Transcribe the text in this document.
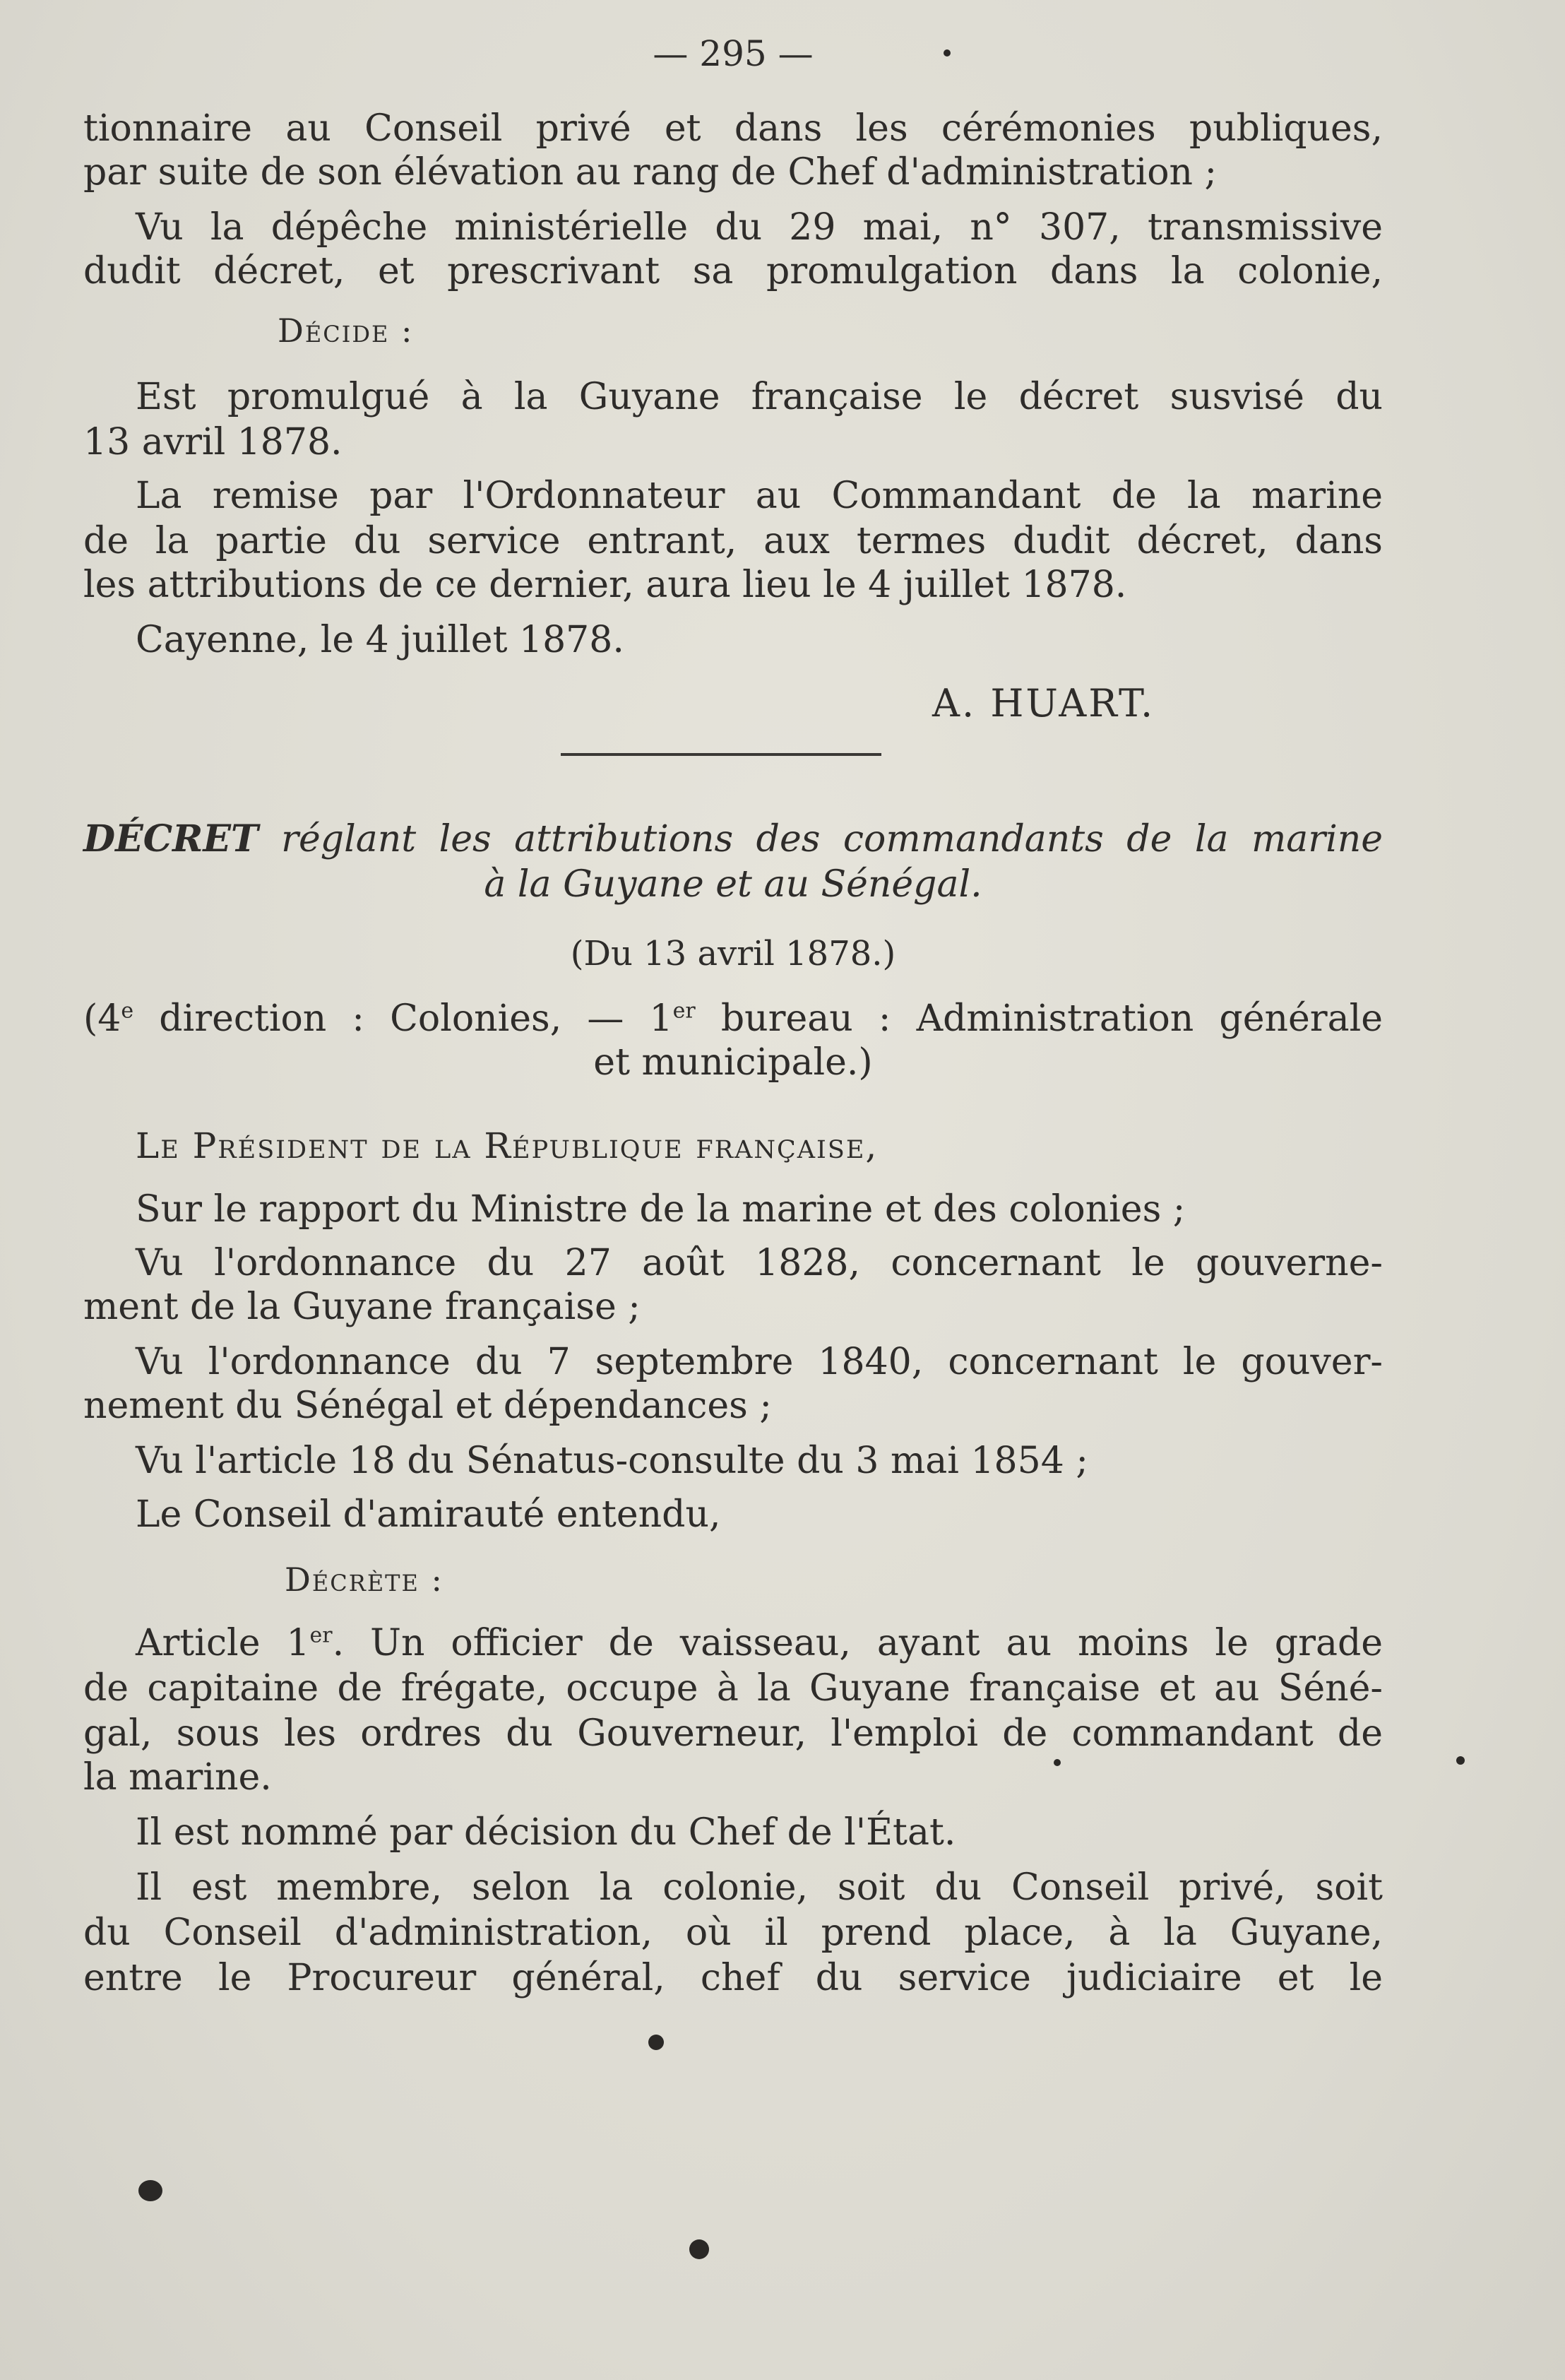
— 295 —
tionnaire au Conseil privé et dans les cérémonies publiques,
par suite de son élévation au rang de Chef d'administration ;
Vu la dépêche ministérielle du 29 mai, n° 307, transmissive
dudit décret, et prescrivant sa promulgation dans la colonie,
Décide :
Est promulgué à la Guyane française le décret susvisé du
13 avril 1878.
La remise par l'Ordonnateur au Commandant de la marine
de la partie du service entrant, aux termes dudit décret, dans
les attributions de ce dernier, aura lieu le 4 juillet 1878.
Cayenne, le 4 juillet 1878.
A. HUART.
DÉCRET réglant les attributions des commandants de la marine
à la Guyane et au Sénégal.
(Du 13 avril 1878.)
(4e direction : Colonies, — 1er bureau : Administration générale
et municipale.)
Le Président de la République française,
Sur le rapport du Ministre de la marine et des colonies ;
Vu l'ordonnance du 27 août 1828, concernant le gouverne-
ment de la Guyane française ;
Vu l'ordonnance du 7 septembre 1840, concernant le gouver-
nement du Sénégal et dépendances ;
Vu l'article 18 du Sénatus-consulte du 3 mai 1854 ;
Le Conseil d'amirauté entendu,
Décrète :
Article 1er. Un officier de vaisseau, ayant au moins le grade
de capitaine de frégate, occupe à la Guyane française et au Séné-
gal, sous les ordres du Gouverneur, l'emploi de commandant de
la marine.
Il est nommé par décision du Chef de l'État.
Il est membre, selon la colonie, soit du Conseil privé, soit
du Conseil d'administration, où il prend place, à la Guyane,
entre le Procureur général, chef du service judiciaire et le
